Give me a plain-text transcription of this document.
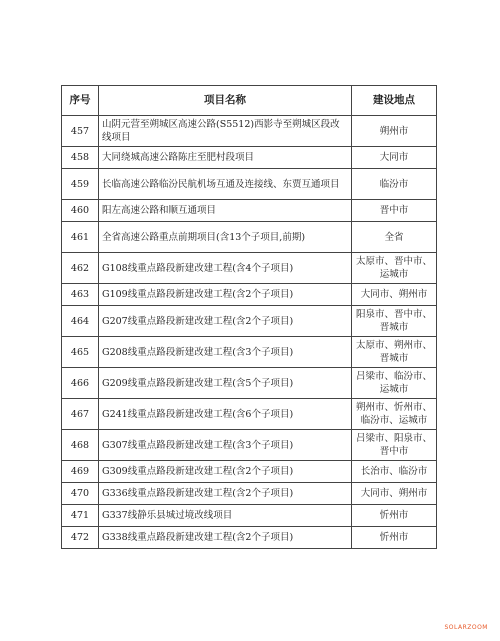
序号	项目名称	建设地点
457	山阴元营至朔城区高速公路(S5512)西影寺至朔城区段改线项目	朔州市
458	大同绕城高速公路陈庄至肥村段项目	大同市
459	长临高速公路临汾民航机场互通及连接线、东贾互通项目	临汾市
460	阳左高速公路和顺互通项目	晋中市
461	全省高速公路重点前期项目(含13个子项目,前期)	全省
462	G108线重点路段新建改建工程(含4个子项目)	太原市、晋中市、运城市
463	G109线重点路段新建改建工程(含2个子项目)	大同市、朔州市
464	G207线重点路段新建改建工程(含2个子项目)	阳泉市、晋中市、晋城市
465	G208线重点路段新建改建工程(含3个子项目)	太原市、朔州市、晋城市
466	G209线重点路段新建改建工程(含5个子项目)	吕梁市、临汾市、运城市
467	G241线重点路段新建改建工程(含6个子项目)	朔州市、忻州市、临汾市、运城市
468	G307线重点路段新建改建工程(含3个子项目)	吕梁市、阳泉市、晋中市
469	G309线重点路段新建改建工程(含2个子项目)	长治市、临汾市
470	G336线重点路段新建改建工程(含2个子项目)	大同市、朔州市
471	G337线静乐县城过境改线项目	忻州市
472	G338线重点路段新建改建工程(含2个子项目)	忻州市
SOLARZOOM
